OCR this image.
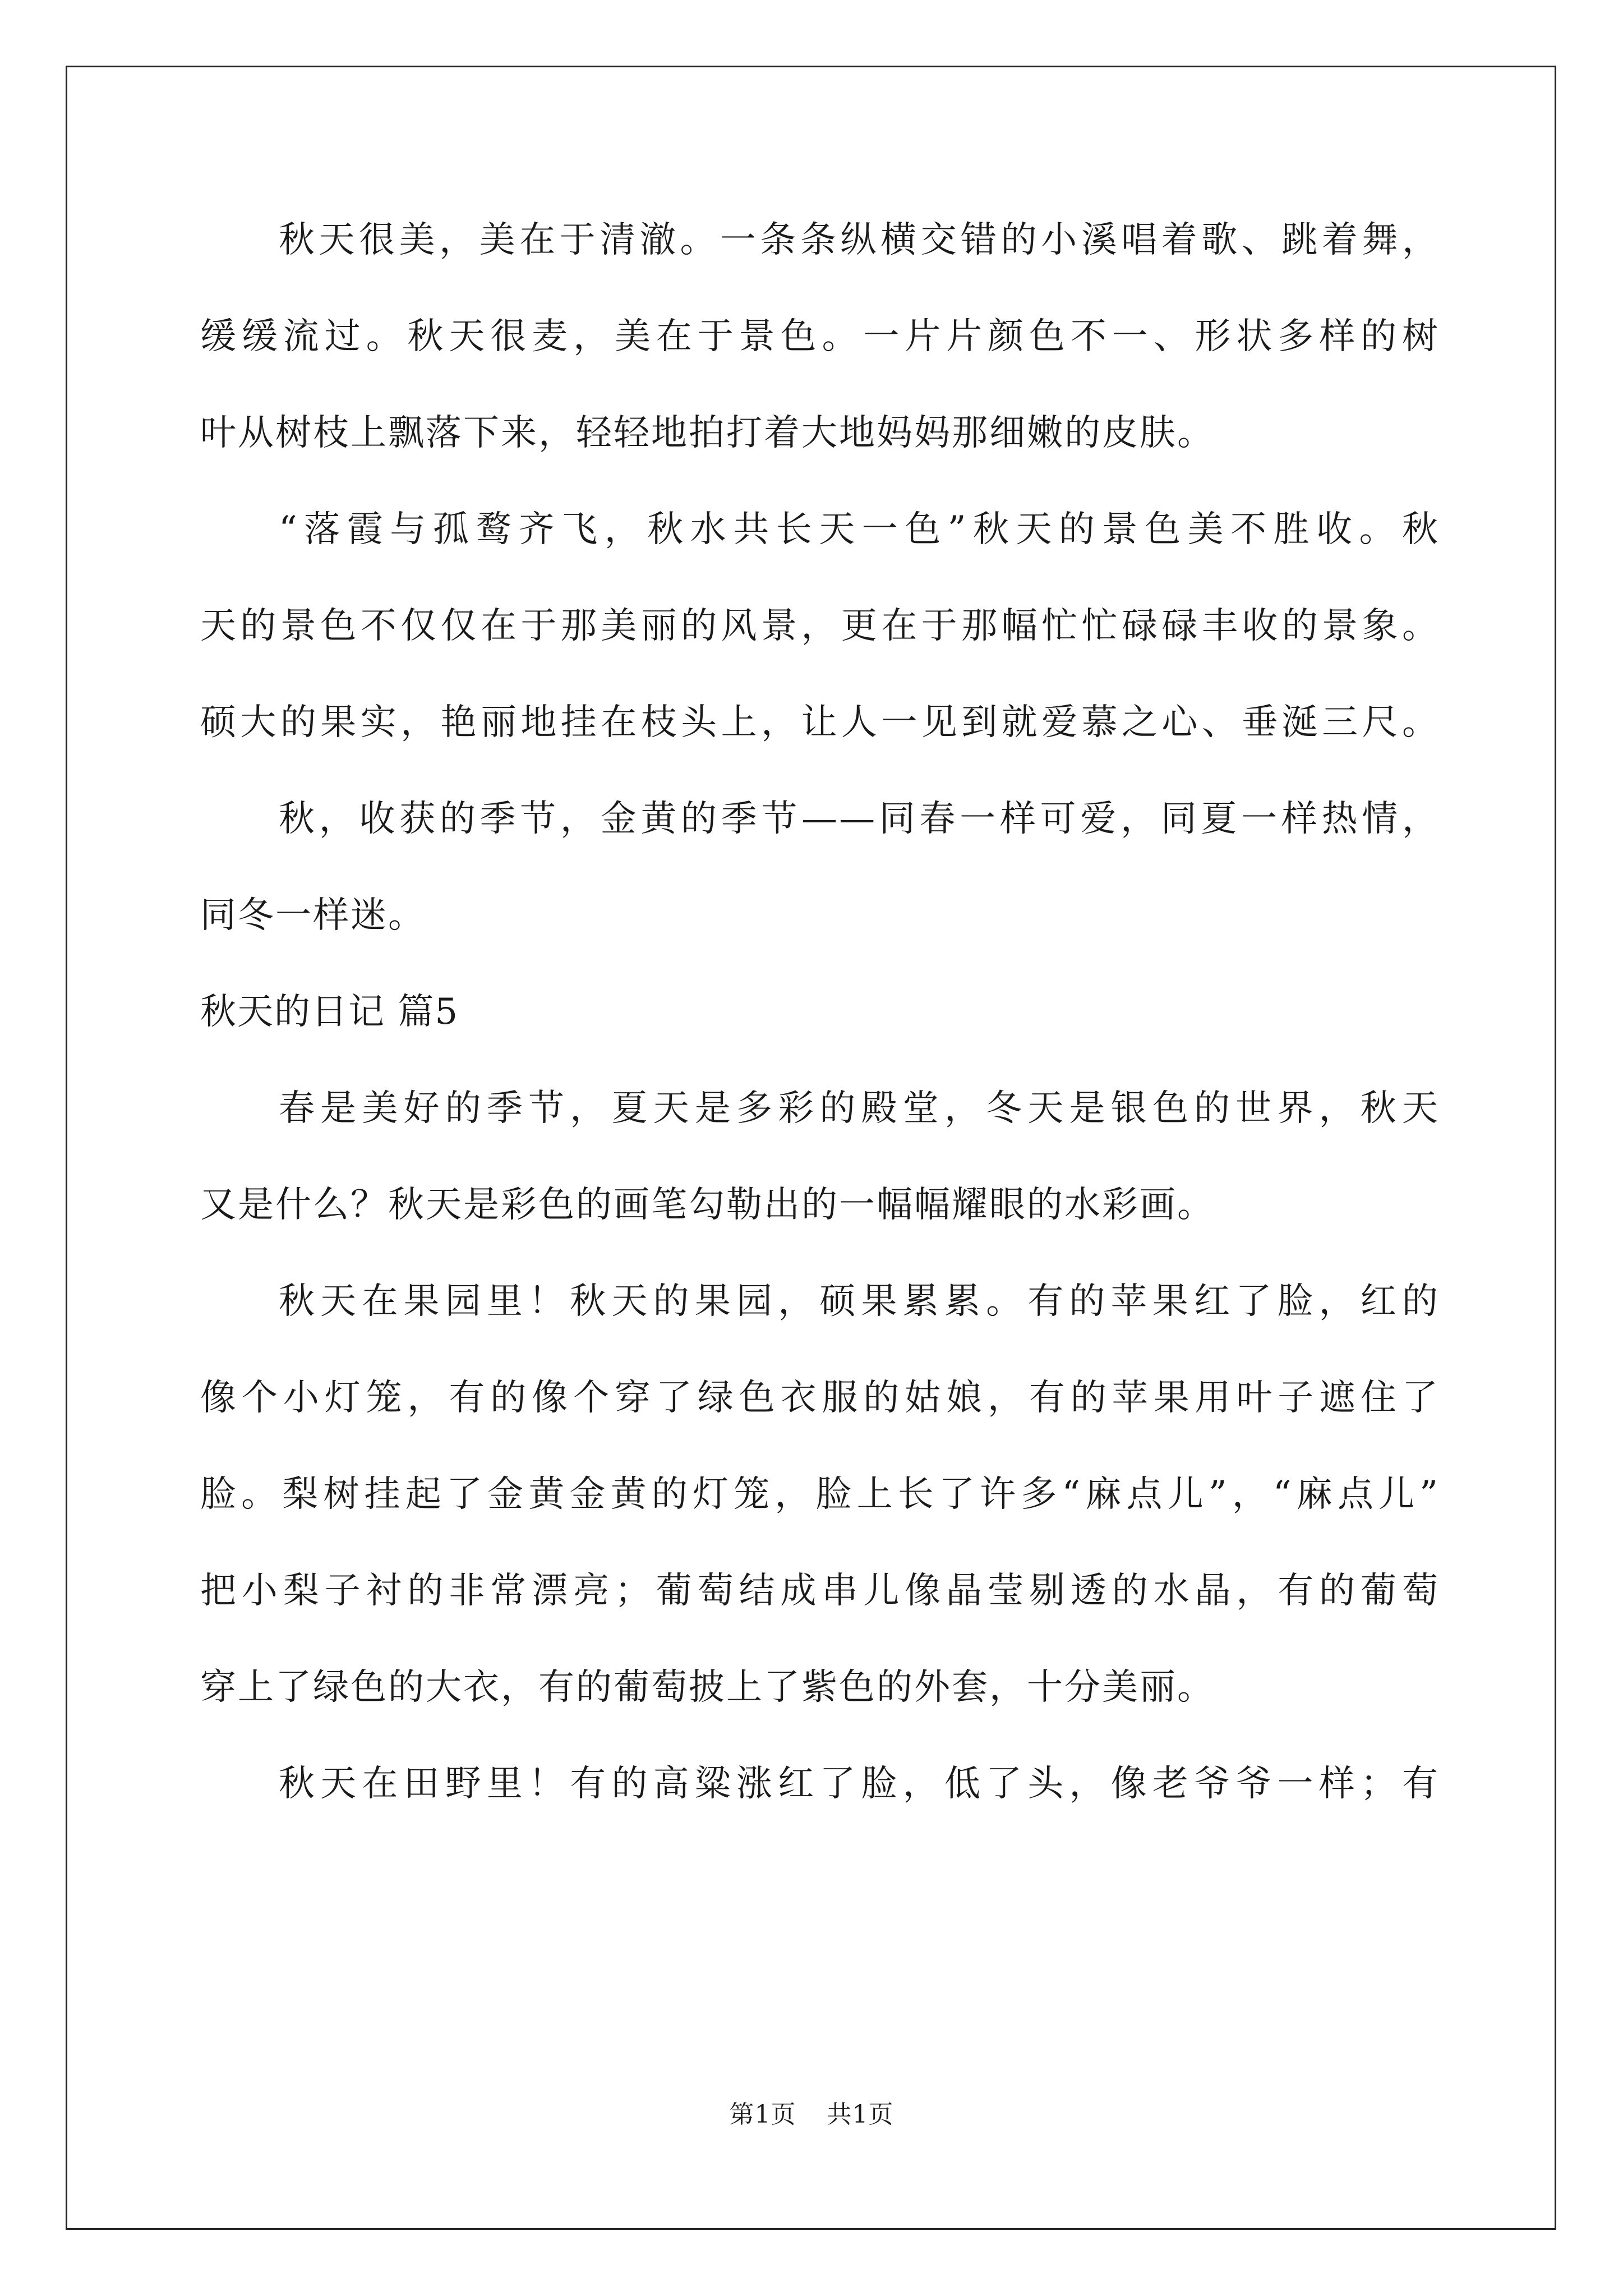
秋天很美，美在于清澈。一条条纵横交错的小溪唱着歌、跳着舞，
缓缓流过。秋天很麦，美在于景色。一片片颜色不一、形状多样的树
叶从树枝上飘落下来，轻轻地拍打着大地妈妈那细嫩的皮肤。
“落霞与孤鹜齐飞，秋水共长天一色”秋天的景色美不胜收。秋
天的景色不仅仅在于那美丽的风景，更在于那幅忙忙碌碌丰收的景象。
硕大的果实，艳丽地挂在枝头上，让人一见到就爱慕之心、垂涎三尺。
秋，收获的季节，金黄的季节——同春一样可爱，同夏一样热情，
同冬一样迷。
秋天的日记 篇5
春是美好的季节，夏天是多彩的殿堂，冬天是银色的世界，秋天
又是什么？秋天是彩色的画笔勾勒出的一幅幅耀眼的水彩画。
秋天在果园里！秋天的果园，硕果累累。有的苹果红了脸，红的
像个小灯笼，有的像个穿了绿色衣服的姑娘，有的苹果用叶子遮住了
脸。梨树挂起了金黄金黄的灯笼，脸上长了许多“麻点儿”，“麻点儿”
把小梨子衬的非常漂亮；葡萄结成串儿像晶莹剔透的水晶，有的葡萄
穿上了绿色的大衣，有的葡萄披上了紫色的外套，十分美丽。
秋天在田野里！有的高粱涨红了脸，低了头，像老爷爷一样；有
第1页 共1页
